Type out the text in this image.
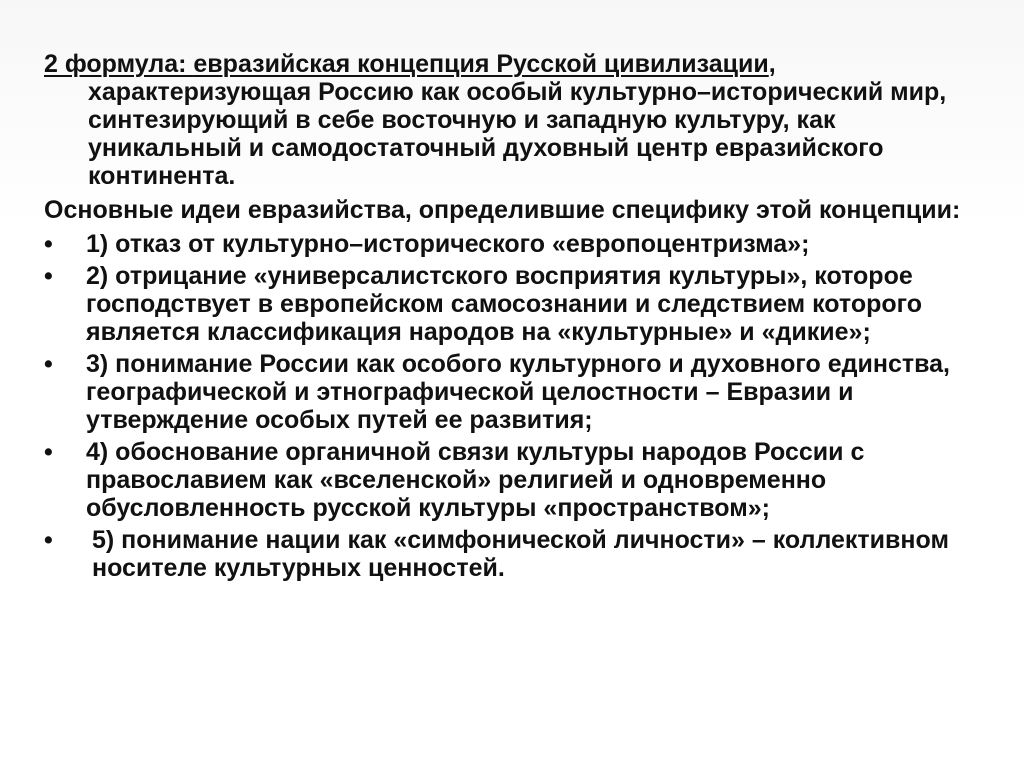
2 формула: евразийская концепция Русской цивилизации, характеризующая Россию как особый культурно–исторический мир, синтезирующий в себе восточную и западную культуру, как уникальный и самодостаточный духовный центр евразийского континента.

Основные идеи евразийства, определившие специфику этой концепции:

•	1) отказ от культурно–исторического «европоцентризма»;
•	2) отрицание «универсалистского восприятия культуры», которое господствует в европейском самосознании и следствием которого является классификация народов на «культурные» и «дикие»;
•	3) понимание России как особого культурного и духовного единства, географической и этнографической целостности – Евразии и утверждение особых путей ее развития;
•	4) обоснование органичной связи культуры народов России с православием как «вселенской» религией и одновременно обусловленность русской культуры «пространством»;
•	5) понимание нации как «симфонической личности» – коллективном носителе культурных ценностей.
